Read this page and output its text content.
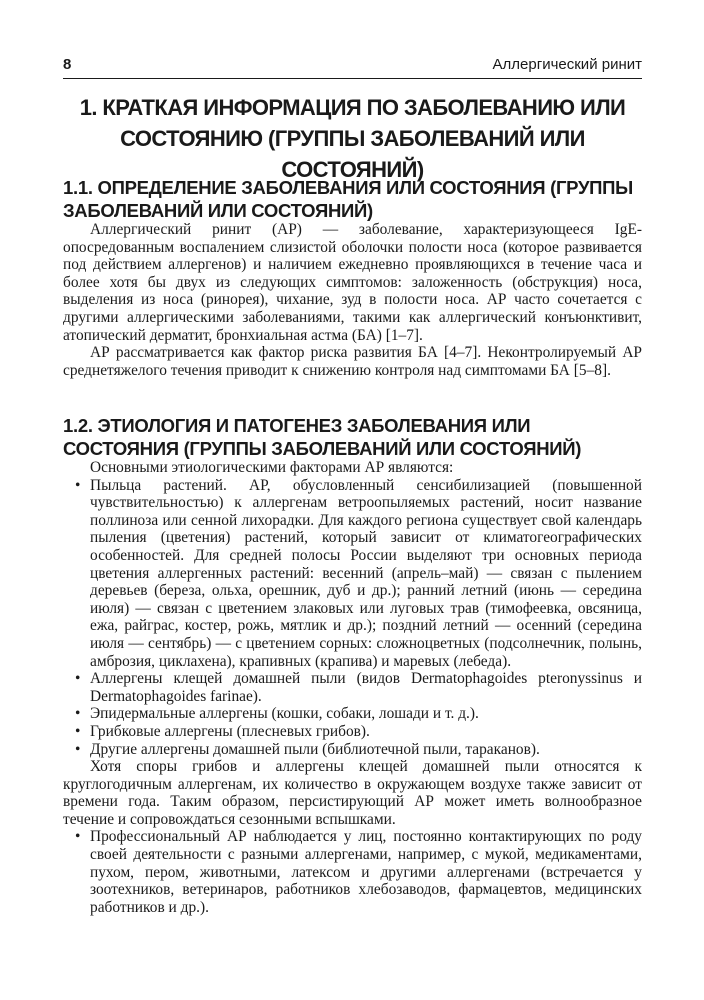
8	Аллергический ринит
1. КРАТКАЯ ИНФОРМАЦИЯ ПО ЗАБОЛЕВАНИЮ ИЛИ СОСТОЯНИЮ (ГРУППЫ ЗАБОЛЕВАНИЙ ИЛИ СОСТОЯНИЙ)
1.1. ОПРЕДЕЛЕНИЕ ЗАБОЛЕВАНИЯ ИЛИ СОСТОЯНИЯ (ГРУППЫ ЗАБОЛЕВАНИЙ ИЛИ СОСТОЯНИЙ)

Аллергический ринит (АР) — заболевание, характеризующееся IgE-опосредованным воспалением слизистой оболочки полости носа (которое развивается под действием аллергенов) и наличием ежедневно проявляющихся в течение часа и более хотя бы двух из следующих симптомов: заложенность (обструкция) носа, выделения из носа (ринорея), чихание, зуд в полости носа. АР часто сочетается с другими аллергическими заболеваниями, такими как аллергический конъюнктивит, атопический дерматит, бронхиальная астма (БА) [1–7].

АР рассматривается как фактор риска развития БА [4–7]. Неконтролируемый АР среднетяжелого течения приводит к снижению контроля над симптомами БА [5–8].

1.2. ЭТИОЛОГИЯ И ПАТОГЕНЕЗ ЗАБОЛЕВАНИЯ ИЛИ СОСТОЯНИЯ (ГРУППЫ ЗАБОЛЕВАНИЙ ИЛИ СОСТОЯНИЙ)

Основными этиологическими факторами АР являются:

• Пыльца растений. АР, обусловленный сенсибилизацией (повышенной чувствительностью) к аллергенам ветроопыляемых растений, носит название поллиноза или сенной лихорадки. Для каждого региона существует свой календарь пыления (цветения) растений, который зависит от климатогеографических особенностей. Для средней полосы России выделяют три основных периода цветения аллергенных растений: весенний (апрель–май) — связан с пылением деревьев (береза, ольха, орешник, дуб и др.); ранний летний (июнь — середина июля) — связан с цветением злаковых или луговых трав (тимофеевка, овсяница, ежа, райграс, костер, рожь, мятлик и др.); поздний летний — осенний (середина июля — сентябрь) — с цветением сорных: сложноцветных (подсолнечник, полынь, амброзия, циклахена), крапивных (крапива) и маревых (лебеда).
• Аллергены клещей домашней пыли (видов Dermatophagoides pteronyssinus и Dermatophagoides farinae).
• Эпидермальные аллергены (кошки, собаки, лошади и т. д.).
• Грибковые аллергены (плесневых грибов).
• Другие аллергены домашней пыли (библиотечной пыли, тараканов).

Хотя споры грибов и аллергены клещей домашней пыли относятся к круглогодичным аллергенам, их количество в окружающем воздухе также зависит от времени года. Таким образом, персистирующий АР может иметь волнообразное течение и сопровождаться сезонными вспышками.

• Профессиональный АР наблюдается у лиц, постоянно контактирующих по роду своей деятельности с разными аллергенами, например, с мукой, медикаментами, пухом, пером, животными, латексом и другими аллергенами (встречается у зоотехников, ветеринаров, работников хлебозаводов, фармацевтов, медицинских работников и др.).
